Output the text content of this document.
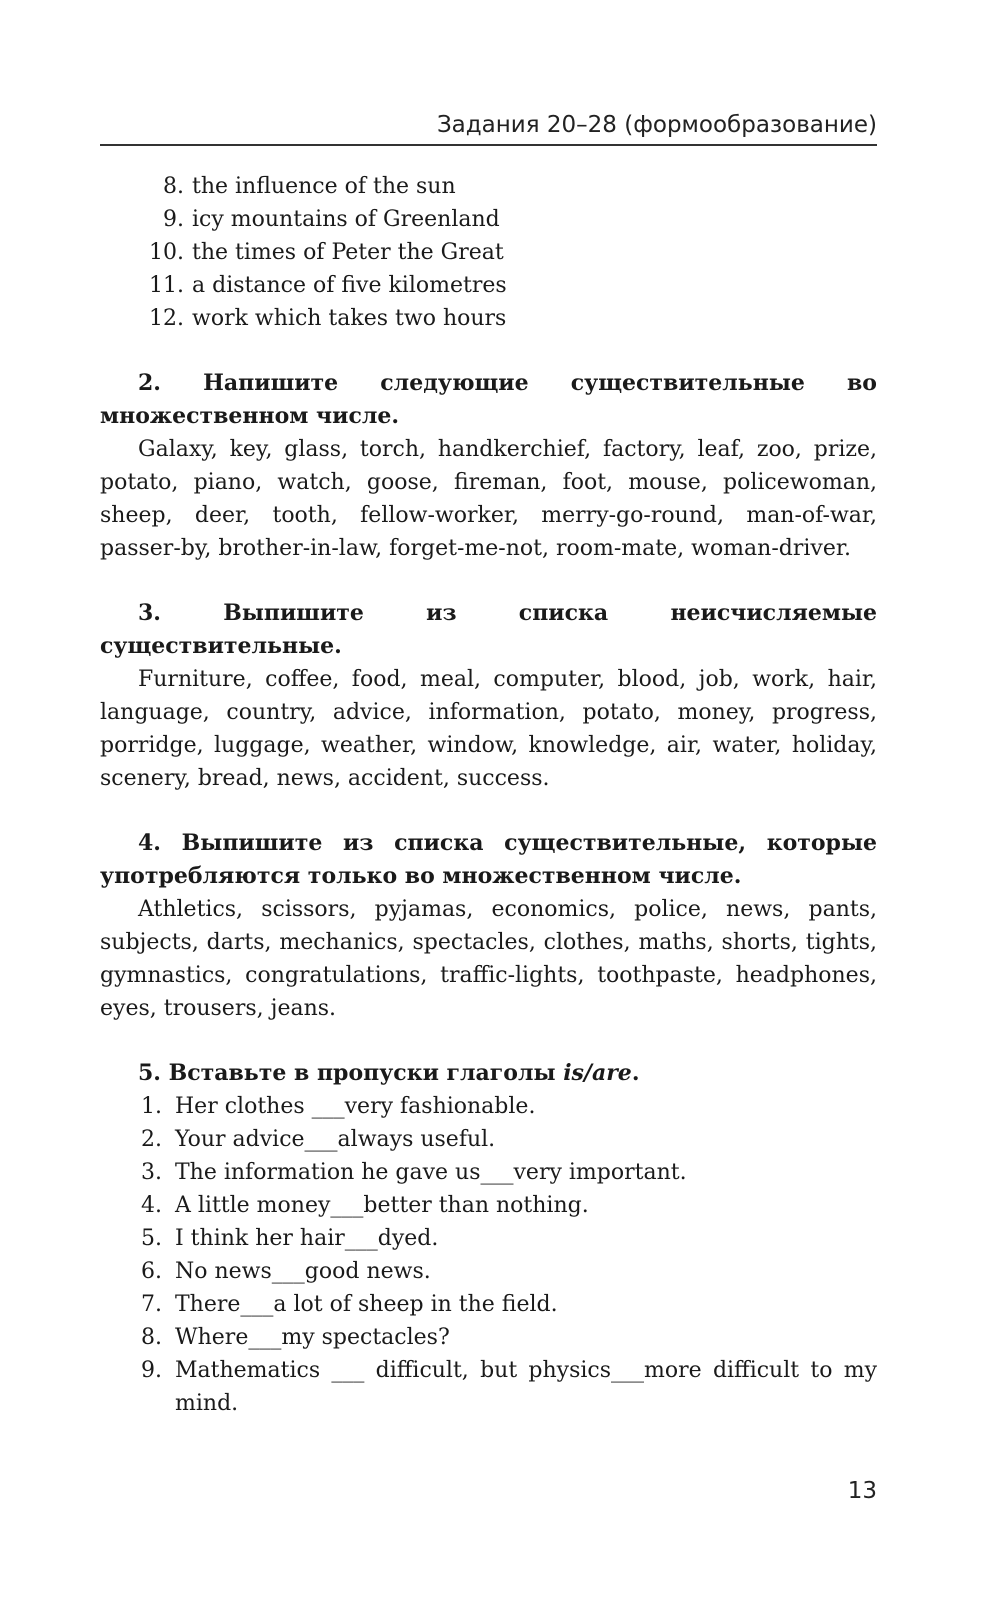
Задания 20–28 (формообразование)
8. the influence of the sun
9. icy mountains of Greenland
10. the times of Peter the Great
11. a distance of five kilometres
12. work which takes two hours
2. Напишите следующие существительные во множественном числе.
Galaxy, key, glass, torch, handkerchief, factory, leaf, zoo, prize, potato, piano, watch, goose, fireman, foot, mouse, policewoman, sheep, deer, tooth, fellow-worker, merry-go-round, man-of-war, passer-by, brother-in-law, forget-me-not, room-mate, woman-driver.
3. Выпишите из списка неисчисляемые существительные.
Furniture, coffee, food, meal, computer, blood, job, work, hair, language, country, advice, information, potato, money, progress, porridge, luggage, weather, window, knowledge, air, water, holiday, scenery, bread, news, accident, success.
4. Выпишите из списка существительные, которые употребляются только во множественном числе.
Athletics, scissors, pyjamas, economics, police, news, pants, subjects, darts, mechanics, spectacles, clothes, maths, shorts, tights, gymnastics, congratulations, traffic-lights, toothpaste, headphones, eyes, trousers, jeans.
5. Вставьте в пропуски глаголы is/are.
1. Her clothes ___very fashionable.
2. Your advice___always useful.
3. The information he gave us___very important.
4. A little money___better than nothing.
5. I think her hair___dyed.
6. No news___good news.
7. There___a lot of sheep in the field.
8. Where___my spectacles?
9. Mathematics ___ difficult, but physics___more difficult to my mind.
13
